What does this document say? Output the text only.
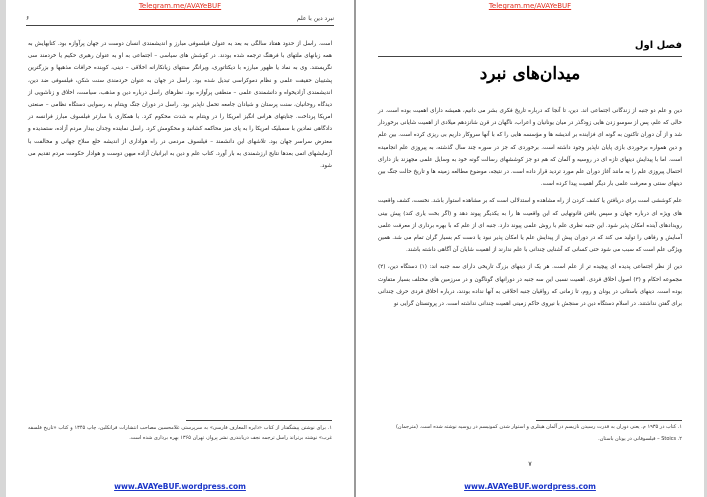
Telegram.me/AVAYeBUF
نبرد دین با علم
۶

است. راسل از حدود هفتاد سالگی به بعد به عنوان فیلسوفی مبارز و اندیشمندی انسان دوست در جهان پرآوازه بود. کتابهایش به همه زبانهای ملتهای با فرهنگ ترجمه شده بودند. در کوشش های سیاسی – اجتماعی به او به عنوان رهبری حکیم یا خردمند سی نگریستند. وی به نماد یا ظهور مبارزه با دیکتاتوری، ویرانگر ستتهای زیانکارانه اخلاقی – دینی، کوبنده خرافات مذهبها و بزرگترین پشتیبان حقیقت علمی و نظام دموکراسی تبدیل شده بود. راسل در جهان به عنوان خردمندی سنت شکن، فیلسوفی ضد دین، اندیشمندی آزادیخواه و دانشمندی علمی – منطقی پرآوازه بود. نظرهای راسل درباره دین و مذهب، سیاست، اخلاق و زناشویی از دیدگاه روحانیان، سنت پرستان و شیادان جامعه تحمل ناپذیر بود. راسل در دوران جنگ ویتنام به رسوایی دستگاه نظامی – صنعتی امریکا پرداخت. جنایتهای هراس انگیز امریکا را در ویتنام به شدت محکوم کرد. با همکاری با سارتر فیلسوف مبارز فرانسه در دادگاهی نمادین با سمبلیک امریکا را به پای میز محاکمه کشانید و محکومش کرد. راسل نماینده وجدان بیدار مردم آزاده، ستمدیده و معترض سراسر جهان بود. تلاشهای این دانشمند – فیلسوف مردمی در راه هواداری از اندیشه خلع سلاح جهانی و مخالفت با آزمایشهای اتمی بعدها نتایج ارزشمندی به بار آورد. کتاب علم و دین به ایرانیان آزاده میهن دوست و هوادار حکومت مردم تقدیم می شود.

۱. برای نوشتن پیشگفتار از کتاب «دایره المعارف فارسی» به سرپرستی غلامحسین مصاحب انتشارات فرانکلین، چاپ ۱۳۴۵ و کتاب «تاریخ فلسفه غرب» نوشته برتراند راسل ترجمه نجف دریابندری نشر پرواز، تهران ۱۳۶۵ بهره برداری شده است.
www.AVAYeBUF.wordpress.com
Telegram.me/AVAYeBUF
فصل اول
میدان‌های نبرد

دین و علم دو جنبه از زندگانی اجتماعی اند. دین، تا آنجا که درباره تاریخ فکری بشر می دانیم، همیشه دارای اهمیت بوده است. در حالی که علم، پس از سوسو زدن هایی زودگذر در میان یونانیان و اعراب، ناگهان در قرن شانزدهم میلادی از اهمیت شایانی برخوردار شد و از آن دوران تاکنون به گونه ای فزاینده بر اندیشه ها و مؤسسه هایی را که با آنها سروکار داریم بی ریزی کرده است. بین علم و دین همواره برخوردی بازی پایان ناپذیر وجود داشته است. برخوردی که جز در سوره چند سال گذشته، به پیروزی علم انجامیده است. اما با پیدایش دینهای تازه ای در روسیه و آلمان که هم دو جز کوششهای رسالت گونه خود به وسایل علمی مجهزند باز دارای احتمال پیروزی علم را به مانند آغاز دوران علم مورد تردید قرار داده است. در نتیجه، موضوع مطالعه زمینه ها و تاریخ حالت جنگ بین دینهای سنتی و معرفت علمی بار دیگر اهمیت پیدا کرده است.

علم کوششی است برای دریافتن یا کشف کردن از راه مشاهده و استدلالی است که بر مشاهده استوار باشد. نخست، کشف واقعیت های ویژه ای درباره جهان و سپس یافتن قانونهایی که این واقعیت ها را به یکدیگر پیوند دهد و (اگر بخت یاری کند) پیش بینی رویدادهای آینده امکان پذیر شود. این جنبه نظری علم با روش علمی پیوند دارد. جنبه ای از علم که با بهره برداری از معرفت علمی آسایش و رفاهی را تولید می کند که در دوران پیش از پیدایش علم یا امکان پذیر نبود یا دست کم بسیار گران تمام می شد. همین ویژگی علم است که سبب می شود حتی کسانی که آشنایی چندانی با علم ندارند از اهمیت شایان آن آگاهی داشته باشند.

دین از نظر اجتماعی پدیده ای پیچیده تر از علم است. هر یک از دینهای بزرگ تاریخی دارای سه جنبه اند: (۱) دستگاه دین، (۲) مجموعه احکام و (۳) اصول اخلاق فردی. اهمیت نسبی این سه جنبه در دورانهای گوناگون و در سرزمین های مختلف بسیار متفاوت بوده است. دینهای باستانی در یونان و روم، تا زمانی که رواقیان جنبه اخلاقی به آنها نداده بودند، درباره اخلاق فردی حرف چندانی برای گفتن نداشتند. در اسلام دستگاه دین در سنجش با نیروی حاکم زمینی اهمیت چندانی نداشته است. در پروتستان گرایی نو

۱. کتاب در ۱۹۳۵ م. یعنی دوران به قدرت رسیدن نازیسم در آلمان هیتلری و استوار شدن کمونیسم در روسیه نوشته شده است. (مترجمان)
Stoics .۲ – فیلسوفانی در یونان باستان.
۷
www.AVAYeBUF.wordpress.com
